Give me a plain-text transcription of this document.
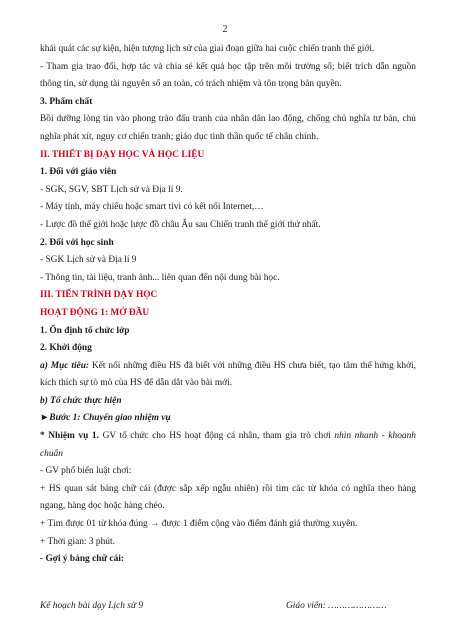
2

khái quát các sự kiện, hiện tượng lịch sử của giai đoạn giữa hai cuộc chiến tranh thế giới.

- Tham gia trao đổi, hợp tác và chia sẻ kết quả học tập trên môi trường số; biết trích dẫn nguồn thông tin, sử dụng tài nguyên số an toàn, có trách nhiệm và tôn trọng bản quyền.

3. Phẩm chất

Bồi dưỡng lòng tin vào phong trào đấu tranh của nhân dân lao động, chống chủ nghĩa tư bản, chủ nghĩa phát xít, nguy cơ chiến tranh; giáo dục tinh thần quốc tế chân chính.

II. THIẾT BỊ DẠY HỌC VÀ HỌC LIỆU

1. Đối với giáo viên

- SGK, SGV, SBT Lịch sử và Địa lí 9.

- Máy tính, máy chiếu hoặc smart tivi có kết nối Internet,…

- Lược đồ thế giới hoặc lược đồ châu Âu sau Chiến tranh thế giới thứ nhất.

2. Đối với học sinh

- SGK Lịch sử và Địa lí 9

- Thông tin, tài liệu, tranh ảnh... liên quan đến nội dung bài học.

III. TIẾN TRÌNH DẠY HỌC

HOẠT ĐỘNG 1: MỞ ĐẦU

1. Ổn định tổ chức lớp

2. Khởi động

a) Mục tiêu: Kết nối những điều HS đã biết với những điều HS chưa biết, tạo tâm thế hứng khởi, kích thích sự tò mò của HS để dẫn dắt vào bài mới.

b) Tổ chức thực hiện

►Bước 1: Chuyển giao nhiệm vụ

* Nhiệm vụ 1. GV tổ chức cho HS hoạt động cá nhân, tham gia trò chơi nhìn nhanh - khoanh chuẩn

- GV phổ biến luật chơi:

+ HS quan sát bảng chữ cái (được sắp xếp ngẫu nhiên) rồi tìm các từ khóa có nghĩa theo hàng ngang, hàng dọc hoặc hàng chéo.

+ Tìm được 01 từ khóa đúng → được 1 điểm cộng vào điểm đánh giá thường xuyên.

+ Thời gian: 3 phút.

- Gợi ý bảng chữ cái:

Kế hoạch bài dạy Lịch sử 9	Giáo viên: …………………
